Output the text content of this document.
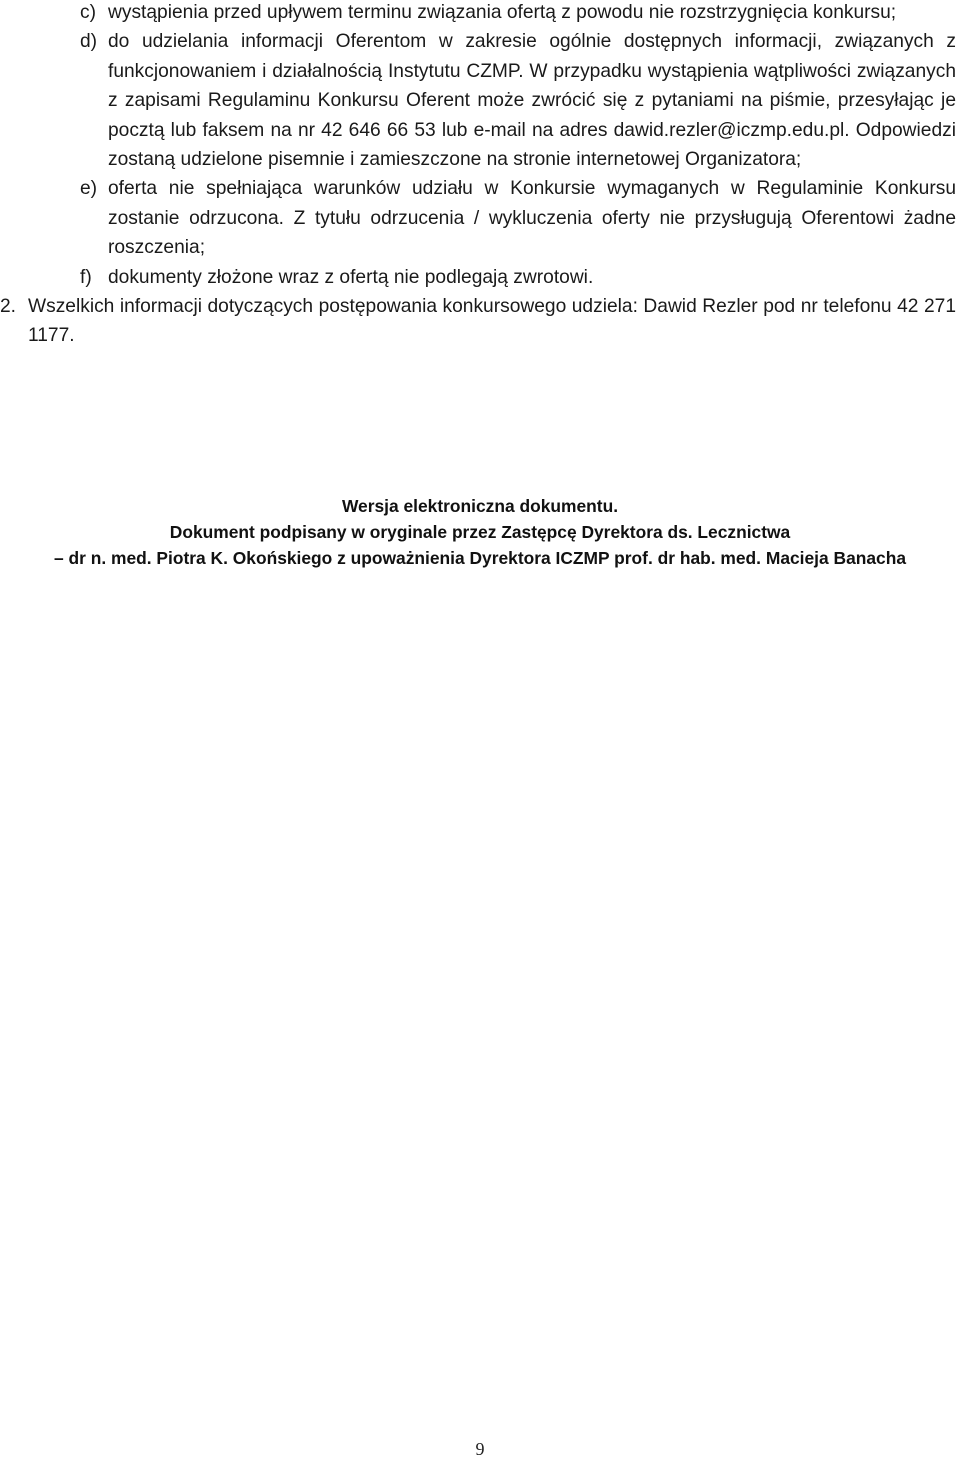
c) wystąpienia przed upływem terminu związania ofertą z powodu nie rozstrzygnięcia konkursu;
d) do udzielania informacji Oferentom w zakresie ogólnie dostępnych informacji, związanych z funkcjonowaniem i działalnością Instytutu CZMP. W przypadku wystąpienia wątpliwości związanych z zapisami Regulaminu Konkursu Oferent może zwrócić się z pytaniami na piśmie, przesyłając je pocztą lub faksem na nr 42 646 66 53 lub e-mail na adres dawid.rezler@iczmp.edu.pl. Odpowiedzi zostaną udzielone pisemnie i zamieszczone na stronie internetowej Organizatora;
e) oferta nie spełniająca warunków udziału w Konkursie wymaganych w Regulaminie Konkursu zostanie odrzucona. Z tytułu odrzucenia / wykluczenia oferty nie przysługują Oferentowi żadne roszczenia;
f) dokumenty złożone wraz z ofertą nie podlegają zwrotowi.
2. Wszelkich informacji dotyczących postępowania konkursowego udziela: Dawid Rezler pod nr telefonu 42 271 1177.
Wersja elektroniczna dokumentu.
Dokument podpisany w oryginale przez Zastępcę Dyrektora ds. Lecznictwa
– dr n. med. Piotra K. Okońskiego z upoważnienia Dyrektora ICZMP prof. dr hab. med. Macieja Banacha
9
